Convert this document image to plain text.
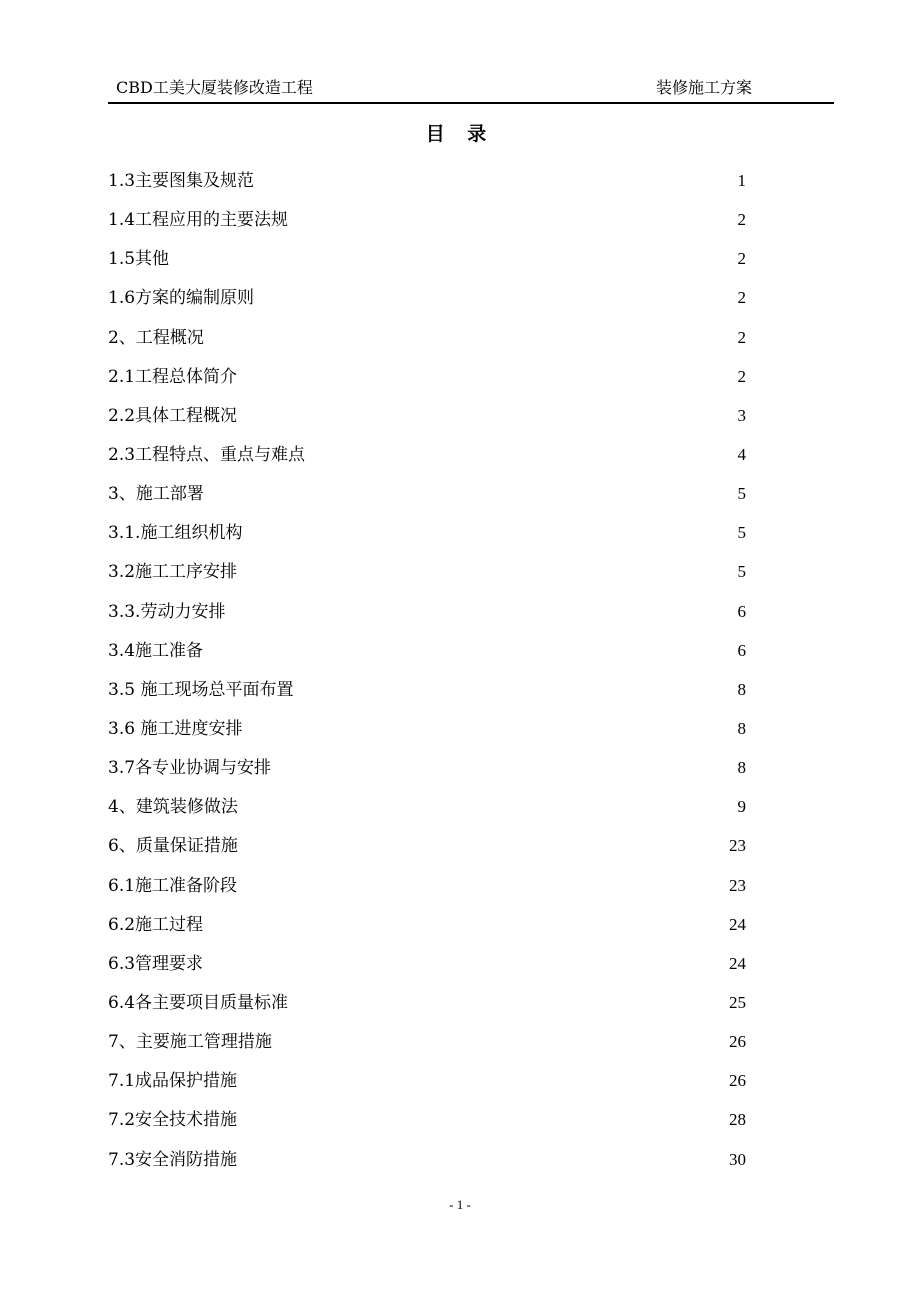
CBD工美大厦装修改造工程	装修施工方案
目 录
1.3主要图集及规范	1
1.4工程应用的主要法规	2
1.5其他	2
1.6方案的编制原则	2
2、工程概况	2
2.1工程总体简介	2
2.2具体工程概况	3
2.3工程特点、重点与难点	4
3、施工部署	5
3.1.施工组织机构	5
3.2施工工序安排	5
3.3.劳动力安排	6
3.4施工准备	6
3.5 施工现场总平面布置	8
3.6 施工进度安排	8
3.7各专业协调与安排	8
4、建筑装修做法	9
6、质量保证措施	23
6.1施工准备阶段	23
6.2施工过程	24
6.3管理要求	24
6.4各主要项目质量标准	25
7、主要施工管理措施	26
7.1成品保护措施	26
7.2安全技术措施	28
7.3安全消防措施	30
- 1 -
